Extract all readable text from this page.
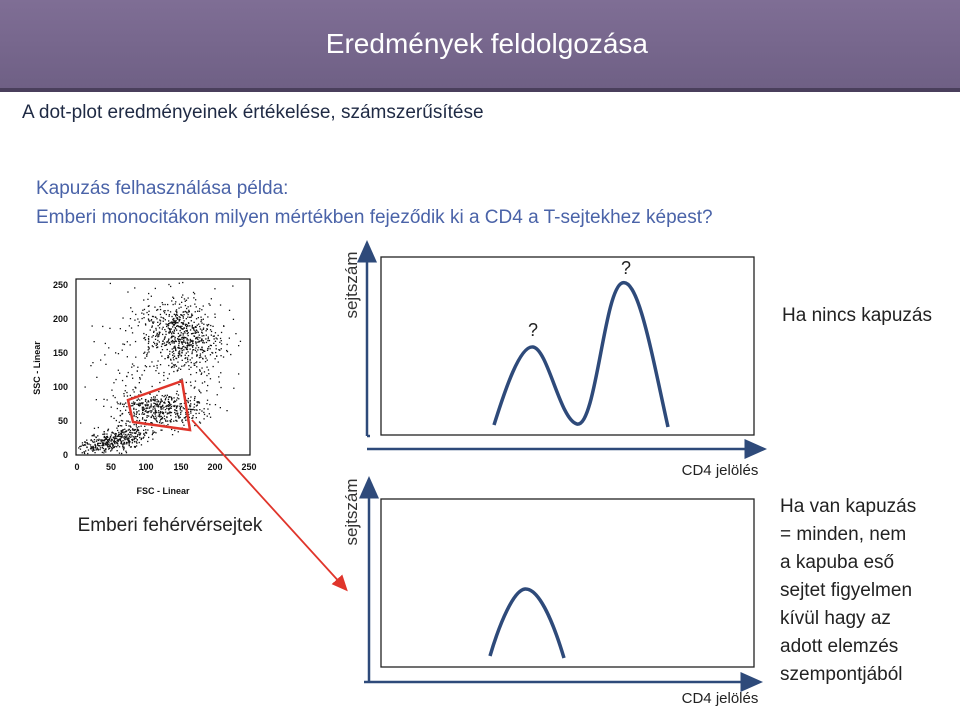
Eredmények feldolgozása
A dot-plot eredményeinek értékelése, számszerűsítése
Kapuzás felhasználása példa:
Emberi monocitákon milyen mértékben fejeződik ki a CD4 a T-sejtekhez képest?
SSC - Linear
FSC - Linear
250
200
150
100
50
0
0	50 100 150 200 250
Emberi fehérvérsejtek
sejtszám
?
?
CD4 jelölés
Ha nincs kapuzás
sejtszám
CD4 jelölés
Ha van kapuzás
= minden, nem
a kapuba eső
sejtet figyelmen
kívül hagy az
adott elemzés
szempontjából
